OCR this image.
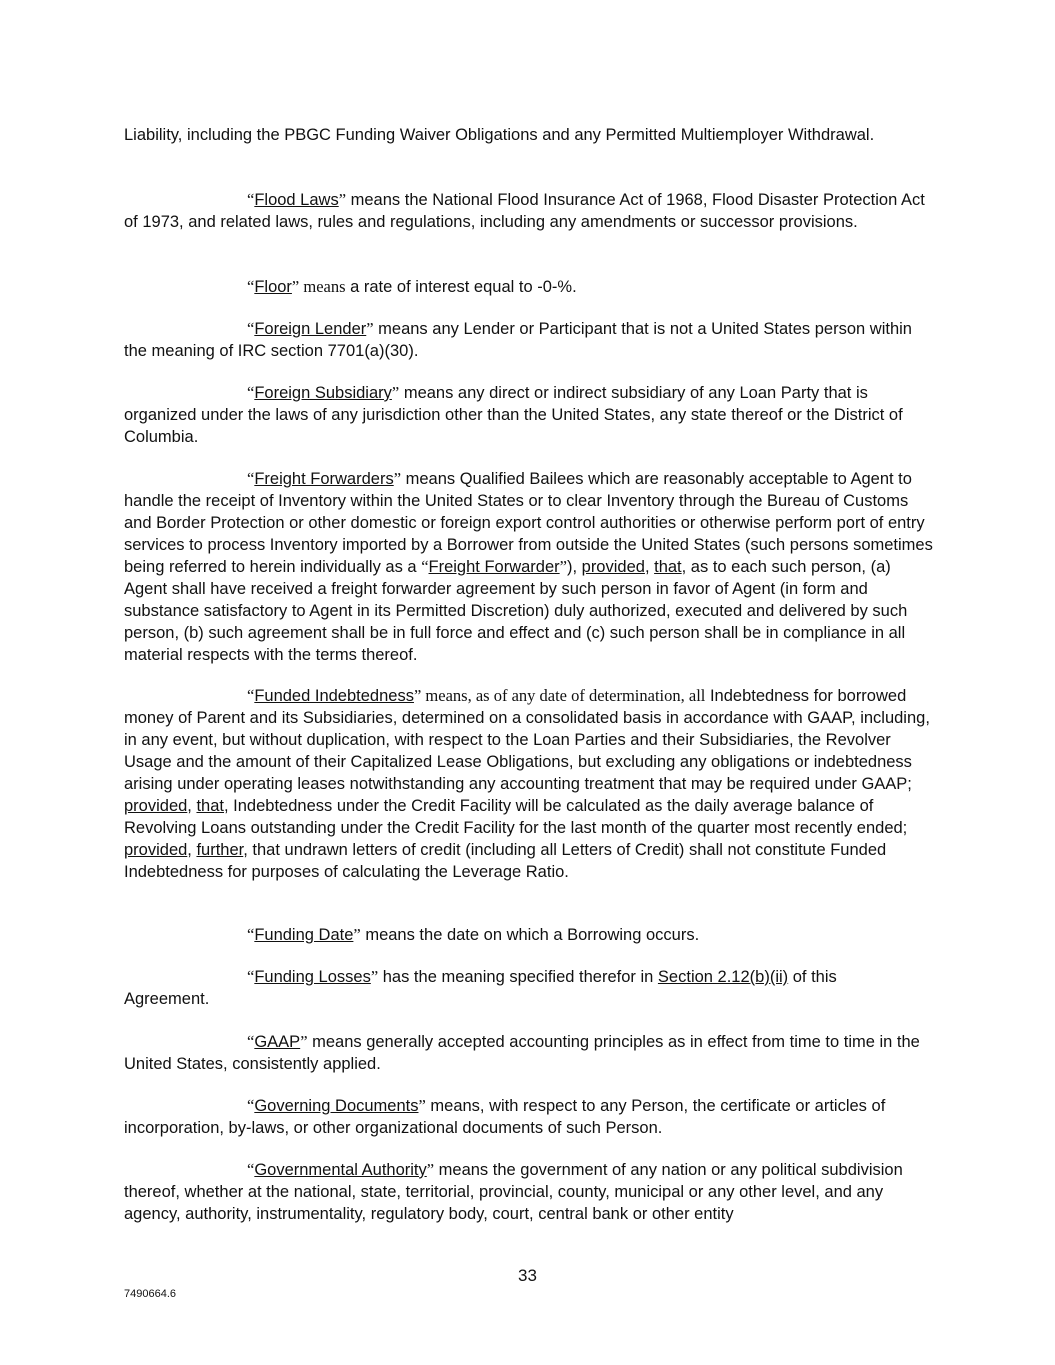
Liability, including the PBGC Funding Waiver Obligations and any Permitted Multiemployer Withdrawal.

“Flood Laws” means the National Flood Insurance Act of 1968, Flood Disaster Protection Act of 1973, and related laws, rules and regulations, including any amendments or successor provisions.

“Floor” means a rate of interest equal to -0-%.

“Foreign Lender” means any Lender or Participant that is not a United States person within the meaning of IRC section 7701(a)(30).

“Foreign Subsidiary” means any direct or indirect subsidiary of any Loan Party that is organized under the laws of any jurisdiction other than the United States, any state thereof or the District of Columbia.

“Freight Forwarders” means Qualified Bailees which are reasonably acceptable to Agent to handle the receipt of Inventory within the United States or to clear Inventory through the Bureau of Customs and Border Protection or other domestic or foreign export control authorities or otherwise perform port of entry services to process Inventory imported by a Borrower from outside the United States (such persons sometimes being referred to herein individually as a “Freight Forwarder”), provided, that, as to each such person, (a) Agent shall have received a freight forwarder agreement by such person in favor of Agent (in form and substance satisfactory to Agent in its Permitted Discretion) duly authorized, executed and delivered by such person, (b) such agreement shall be in full force and effect and (c) such person shall be in compliance in all material respects with the terms thereof.

“Funded Indebtedness” means, as of any date of determination, all Indebtedness for borrowed money of Parent and its Subsidiaries, determined on a consolidated basis in accordance with GAAP, including, in any event, but without duplication, with respect to the Loan Parties and their Subsidiaries, the Revolver Usage and the amount of their Capitalized Lease Obligations, but excluding any obligations or indebtedness arising under operating leases notwithstanding any accounting treatment that may be required under GAAP; provided, that, Indebtedness under the Credit Facility will be calculated as the daily average balance of Revolving Loans outstanding under the Credit Facility for the last month of the quarter most recently ended; provided, further, that undrawn letters of credit (including all Letters of Credit) shall not constitute Funded Indebtedness for purposes of calculating the Leverage Ratio.

“Funding Date” means the date on which a Borrowing occurs.

“Funding Losses” has the meaning specified therefor in Section 2.12(b)(ii) of this

Agreement.

“GAAP” means generally accepted accounting principles as in effect from time to time in the United States, consistently applied.

“Governing Documents” means, with respect to any Person, the certificate or articles of incorporation, by-laws, or other organizational documents of such Person.

“Governmental Authority” means the government of any nation or any political subdivision thereof, whether at the national, state, territorial, provincial, county, municipal or any other level, and any agency, authority, instrumentality, regulatory body, court, central bank or other entity

33
7490664.6
